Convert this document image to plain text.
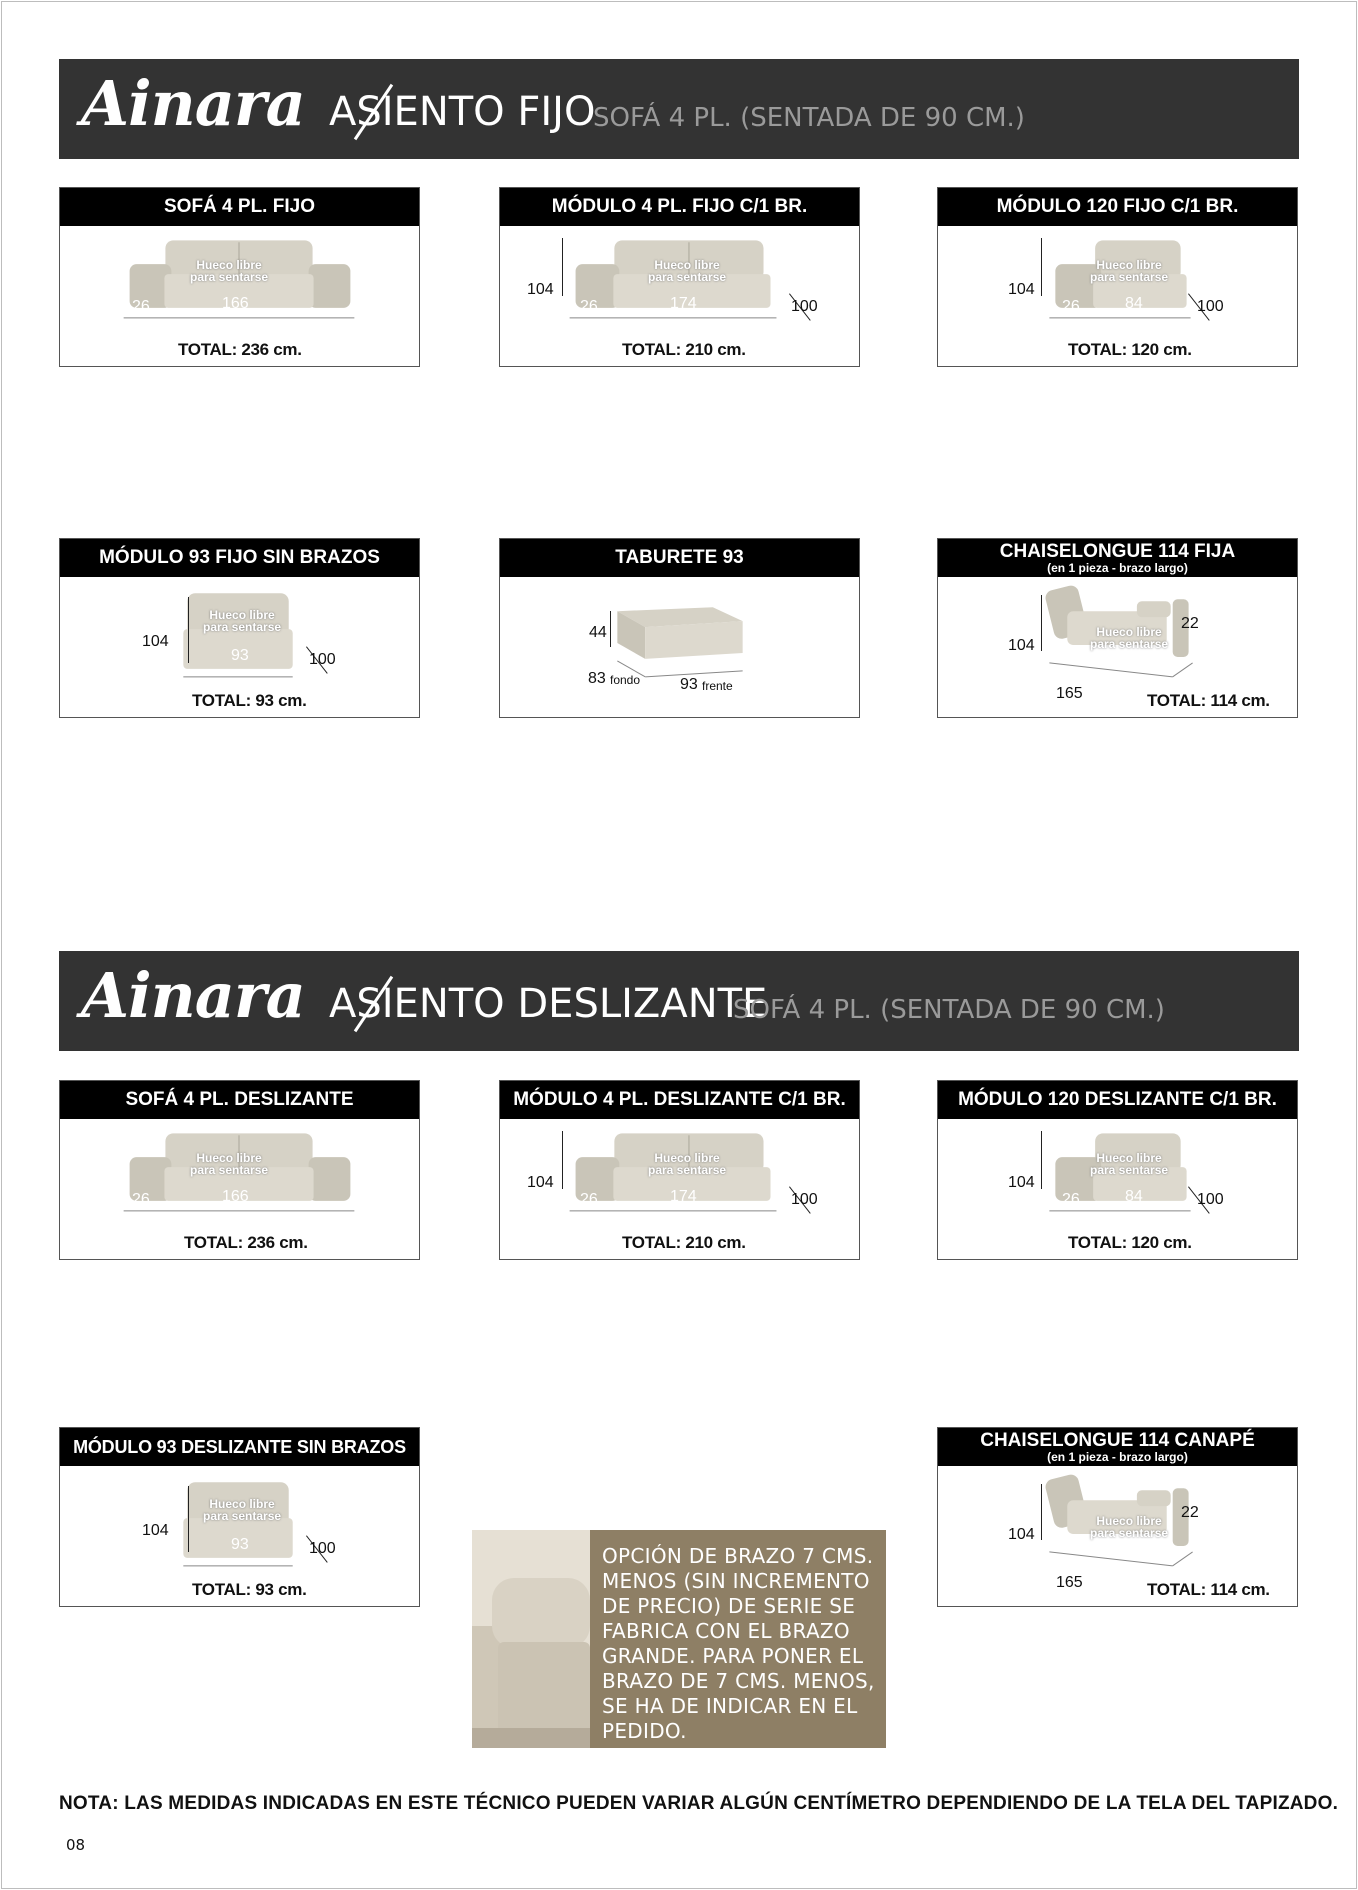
Ainara ASIENTO FIJO
SOFÁ 4 PL. (SENTADA DE 90 CM.)
SOFÁ 4 PL. FIJO
Hueco libre
para sentarse
26	166
TOTAL: 236 cm.
MÓDULO 4 PL. FIJO C/1 BR.
104
Hueco libre
para sentarse
26	174	100
TOTAL: 210 cm.
MÓDULO 120 FIJO C/1 BR.
104
Hueco libre
para sentarse
26	84	100
TOTAL: 120 cm.
MÓDULO 93 FIJO SIN BRAZOS
104
Hueco libre
para sentarse
93	100
TOTAL: 93 cm.
TABURETE 93
44
83 fondo 93 frente
CHAISELONGUE 114 FIJA
(en 1 pieza - brazo largo)
104
22
Hueco libre
para sentarse
92
165	TOTAL: 114 cm.
Ainara ASIENTO DESLIZANTE
SOFÁ 4 PL. (SENTADA DE 90 CM.)
SOFÁ 4 PL. DESLIZANTE
Hueco libre
para sentarse
26	166
TOTAL: 236 cm.
MÓDULO 4 PL. DESLIZANTE C/1 BR.
104
Hueco libre
para sentarse
26	174	100
TOTAL: 210 cm.
MÓDULO 120 DESLIZANTE C/1 BR.
104
Hueco libre
para sentarse
26	84	100
TOTAL: 120 cm.
MÓDULO 93 DESLIZANTE SIN BRAZOS
104
Hueco libre
para sentarse
93	100
TOTAL: 93 cm.
CHAISELONGUE 114 CANAPÉ
(en 1 pieza - brazo largo)
104
22
Hueco libre
para sentarse
92
165	TOTAL: 114 cm.
OPCIÓN DE BRAZO 7 CMS. MENOS (SIN INCREMENTO DE PRECIO) DE SERIE SE FABRICA CON EL BRAZO GRANDE. PARA PONER EL BRAZO DE 7 CMS. MENOS, SE HA DE INDICAR EN EL PEDIDO.
NOTA: LAS MEDIDAS INDICADAS EN ESTE TÉCNICO PUEDEN VARIAR ALGÚN CENTÍMETRO DEPENDIENDO DE LA TELA DEL TAPIZADO.
08
